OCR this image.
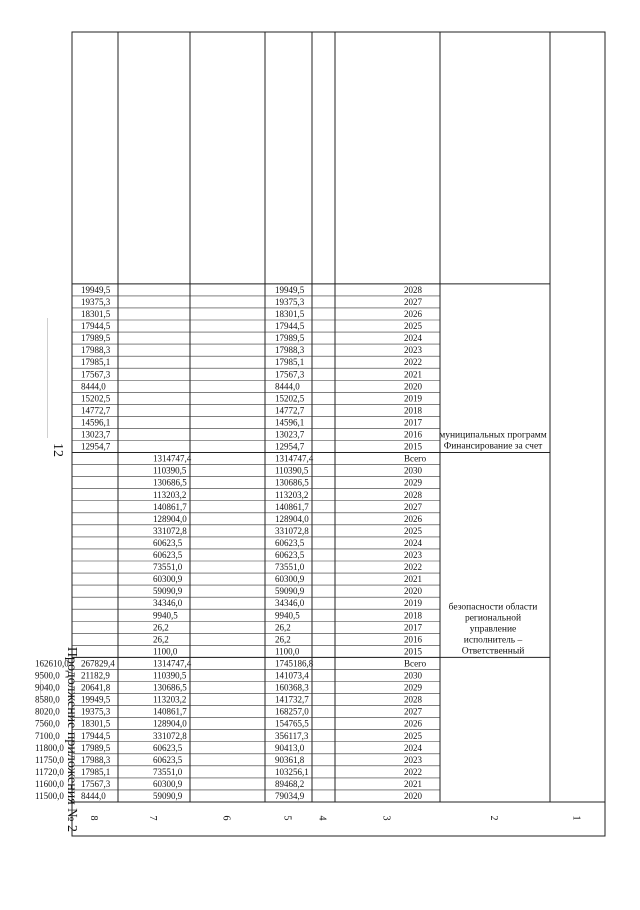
12
Продолжение приложения № 2	1
2
3
4
5
6
7
8
2020
79034,9
59090,9
8444,0
11500,0
2021
89468,2
60300,9
17567,3
11600,0
2022
103256,1
73551,0
17985,1
11720,0
2023
90361,8
60623,5
17988,3
11750,0
2024
90413,0
60623,5
17989,5
11800,0
2025
356117,3
331072,8
17944,5
7100,0
2026
154765,5
128904,0
18301,5
7560,0
2027
168257,0
140861,7
19375,3
8020,0
2028
141732,7
113203,2
19949,5
8580,0
2029
160368,3
130686,5
20641,8
9040,0
2030
141073,4
110390,5
21182,9
9500,0
Всего
1745186,8
1314747,4
267829,4
162610,0
2015
1100,0
1100,0
2016
26,2
26,2
2017
26,2
26,2
2018
9940,5
9940,5
2019
34346,0
34346,0
2020
59090,9
59090,9
2021
60300,9
60300,9
2022
73551,0
73551,0
2023
60623,5
60623,5
2024
60623,5
60623,5
2025
331072,8
331072,8
2026
128904,0
128904,0
2027
140861,7
140861,7
2028
113203,2
113203,2
2029
130686,5
130686,5
2030
110390,5
110390,5
Всего
1314747,4
1314747,4
Ответственный
исполнитель –
управление
региональной
безопасности области
2015
12954,7
12954,7
2016
13023,7
13023,7
2017
14596,1
14596,1
2018
14772,7
14772,7
2019
15202,5
15202,5
2020
8444,0
8444,0
2021
17567,3
17567,3
2022
17985,1
17985,1
2023
17988,3
17988,3
2024
17989,5
17989,5
2025
17944,5
17944,5
2026
18301,5
18301,5
2027
19375,3
19375,3
2028
19949,5
19949,5
Финансирование за счет
муниципальных программ
